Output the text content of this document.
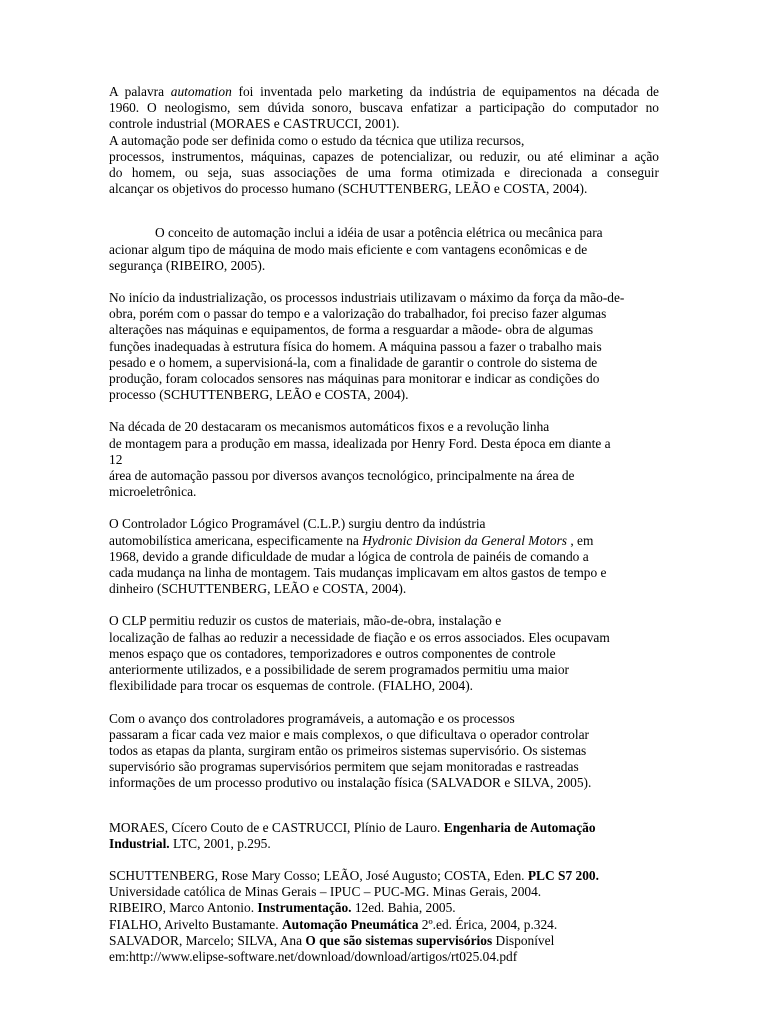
A palavra automation foi inventada pelo marketing da indústria de equipamentos na década de
1960. O neologismo, sem dúvida sonoro, buscava enfatizar a participação do computador no
controle industrial (MORAES e CASTRUCCI, 2001).
A automação pode ser definida como o estudo da técnica que utiliza recursos,
processos, instrumentos, máquinas, capazes de potencializar, ou reduzir, ou até eliminar a ação
do homem, ou seja, suas associações de uma forma otimizada e direcionada a conseguir
alcançar os objetivos do processo humano (SCHUTTENBERG, LEÃO e COSTA, 2004).
O conceito de automação inclui a idéia de usar a potência elétrica ou mecânica para
acionar algum tipo de máquina de modo mais eficiente e com vantagens econômicas e de
segurança (RIBEIRO, 2005).
No início da industrialização, os processos industriais utilizavam o máximo da força da mão-de-
obra, porém com o passar do tempo e a valorização do trabalhador, foi preciso fazer algumas
alterações nas máquinas e equipamentos, de forma a resguardar a mãode- obra de algumas
funções inadequadas à estrutura física do homem. A máquina passou a fazer o trabalho mais
pesado e o homem, a supervisioná-la, com a finalidade de garantir o controle do sistema de
produção, foram colocados sensores nas máquinas para monitorar e indicar as condições do
processo (SCHUTTENBERG, LEÃO e COSTA, 2004).
Na década de 20 destacaram os mecanismos automáticos fixos e a revolução linha
de montagem para a produção em massa, idealizada por Henry Ford. Desta época em diante a
12
área de automação passou por diversos avanços tecnológico, principalmente na área de
microeletrônica.
O Controlador Lógico Programável (C.L.P.) surgiu dentro da indústria
automobilística americana, especificamente na Hydronic Division da General Motors , em
1968, devido a grande dificuldade de mudar a lógica de controla de painéis de comando a
cada mudança na linha de montagem. Tais mudanças implicavam em altos gastos de tempo e
dinheiro (SCHUTTENBERG, LEÃO e COSTA, 2004).
O CLP permitiu reduzir os custos de materiais, mão-de-obra, instalação e
localização de falhas ao reduzir a necessidade de fiação e os erros associados. Eles ocupavam
menos espaço que os contadores, temporizadores e outros componentes de controle
anteriormente utilizados, e a possibilidade de serem programados permitiu uma maior
flexibilidade para trocar os esquemas de controle. (FIALHO, 2004).
Com o avanço dos controladores programáveis, a automação e os processos
passaram a ficar cada vez maior e mais complexos, o que dificultava o operador controlar
todos as etapas da planta, surgiram então os primeiros sistemas supervisório. Os sistemas
supervisório são programas supervisórios permitem que sejam monitoradas e rastreadas
informações de um processo produtivo ou instalação física (SALVADOR e SILVA, 2005).
MORAES, Cícero Couto de e CASTRUCCI, Plínio de Lauro. Engenharia de Automação
Industrial. LTC, 2001, p.295.
SCHUTTENBERG, Rose Mary Cosso; LEÃO, José Augusto; COSTA, Eden. PLC S7 200.
Universidade católica de Minas Gerais – IPUC – PUC-MG. Minas Gerais, 2004.
RIBEIRO, Marco Antonio. Instrumentação. 12ed. Bahia, 2005.
FIALHO, Arivelto Bustamante. Automação Pneumática 2º.ed. Érica, 2004, p.324.
SALVADOR, Marcelo; SILVA, Ana O que são sistemas supervisórios Disponível
em:http://www.elipse-software.net/download/download/artigos/rt025.04.pdf
